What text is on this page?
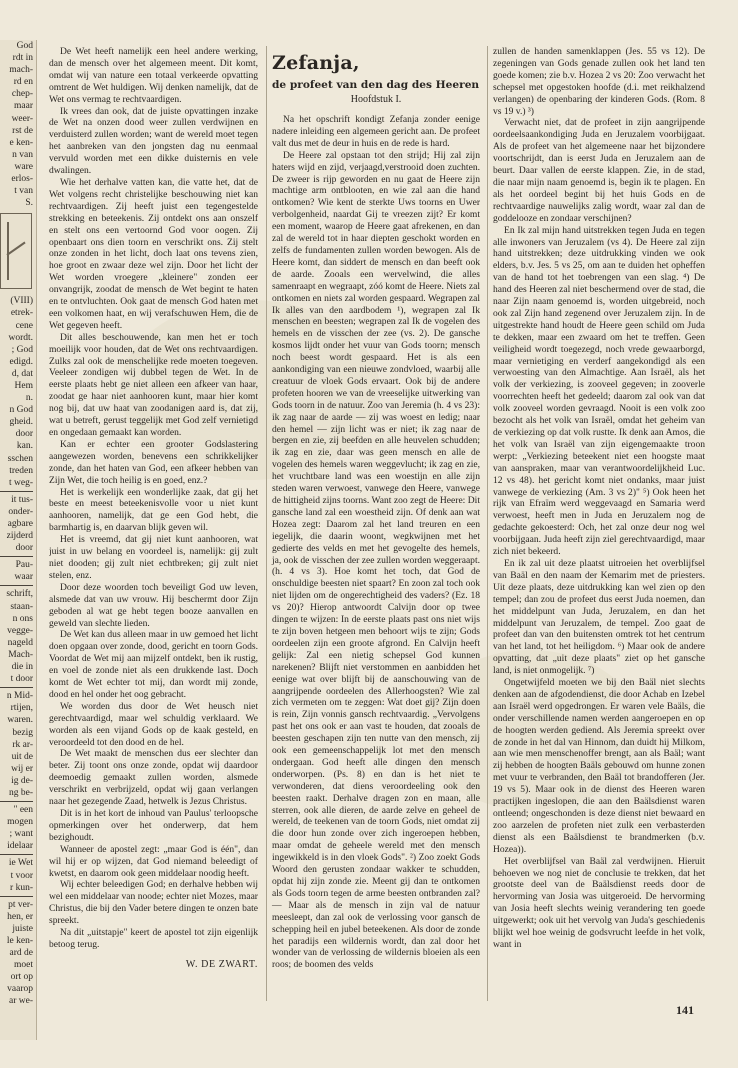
God
rdt in
mach-
rd en
chep-
maar
weer-
rst de
e ken-
n van
ware
erlos-
t van
S.
(VIII)
etrek-
cene
wordt.
; God
edigd.
d, dat
Hem
n.
n God
gheid.
door
kan.
sschen
treden
t weg-
it tus-
onder-
agbare
zijderd
door
Pau-
waar
schrift,
staan-
n ons
vegge-
nageld
Mach-
die in
t door
n Mid-
rtijen,
waren.
bezig
rk ar-
uit de
wij er
ig de-
ng be-
" een
mogen
; want
idelaar
ie Wet
t voor
r kun-
pt ver-
hen, er
juiste
le ken-
ard de
moet
ort op
vaarop
ar we-

De Wet heeft namelijk een heel andere werking, dan de mensch over het algemeen meent. Dit komt, omdat wij van nature een totaal verkeerde opvatting omtrent de Wet huldigen. Wij denken namelijk, dat de Wet ons vermag te rechtvaardigen.

Ik vrees dan ook, dat de juiste opvattingen inzake de Wet na onzen dood weer zullen verdwijnen en verduisterd zullen worden; want de wereld moet tegen het aanbreken van den jongsten dag nu eenmaal vervuld worden met een dikke duisternis en vele dwalingen.

Wie het derhalve vatten kan, die vatte het, dat de Wet volgens recht christelijke beschouwing niet kan rechtvaardigen. Zij heeft juist een tegengestelde strekking en beteekenis. Zij ontdekt ons aan onszelf en stelt ons een vertoornd God voor oogen. Zij openbaart ons dien toorn en verschrikt ons. Zij stelt onze zonden in het licht, doch laat ons tevens zien, hoe groot en zwaar deze wel zijn. Door het licht der Wet worden vroegere „kleinere" zonden eer onvangrijk, zoodat de mensch de Wet begint te haten en te ontvluchten. Ook gaat de mensch God haten met een volkomen haat, en wij verafschuwen Hem, die de Wet gegeven heeft.

Dit alles beschouwende, kan men het er toch moeilijk voor houden, dat de Wet ons rechtvaardigen. Zulks zal ook de menschelijke rede moeten toegeven. Veeleer zondigen wij dubbel tegen de Wet. In de eerste plaats hebt ge niet alleen een afkeer van haar, zoodat ge haar niet aanhooren kunt, maar hier komt nog bij, dat uw haat van zoodanigen aard is, dat zij, wat u betreft, gerust teggelijk met God zelf vernietigd en ongedaan gemaakt kan worden.

Kan er echter een grooter Godslastering aangewezen worden, benevens een schrikkelijker zonde, dan het haten van God, een afkeer hebben van Zijn Wet, die toch heilig is en goed, enz.?

Het is werkelijk een wonderlijke zaak, dat gij het beste en meest beteekenisvolle voor u niet kunt aanhooren, namelijk, dat ge een God hebt, die barmhartig is, en daarvan blijk geven wil.

Het is vreemd, dat gij niet kunt aanhooren, wat juist in uw belang en voordeel is, namelijk: gij zult niet dooden; gij zult niet echtbreken; gij zult niet stelen, enz.

Door deze woorden toch beveiligt God uw leven, alsmede dat van uw vrouw. Hij beschermt door Zijn geboden al wat ge hebt tegen booze aanvallen en geweld van slechte lieden.

De Wet kan dus alleen maar in uw gemoed het licht doen opgaan over zonde, dood, gericht en toorn Gods. Voordat de Wet mij aan mijzelf ontdekt, ben ik rustig, en voel de zonde niet als een drukkende last. Doch komt de Wet echter tot mij, dan wordt mij zonde, dood en hel onder het oog gebracht.

We worden dus door de Wet heusch niet gerechtvaardigd, maar wel schuldig verklaard. We worden als een vijand Gods op de kaak gesteld, en veroordeeld tot den dood en de hel.

De Wet maakt de menschen dus eer slechter dan beter. Zij toont ons onze zonde, opdat wij daardoor deemoedig gemaakt zullen worden, alsmede verschrikt en verbrijzeld, opdat wij gaan verlangen naar het gezegende Zaad, hetwelk is Jezus Christus.

Dit is in het kort de inhoud van Paulus' terloopsche opmerkingen over het onderwerp, dat hem bezighoudt.

Wanneer de apostel zegt: „maar God is één", dan wil hij er op wijzen, dat God niemand beleedigt of kwetst, en daarom ook geen middelaar noodig heeft.

Wij echter beleedigen God; en derhalve hebben wij wel een middelaar van noode; echter niet Mozes, maar Christus, die bij den Vader betere dingen te onzen bate spreekt.

Na dit „uitstapje" keert de apostel tot zijn eigenlijk betoog terug.

W. DE ZWART.
Zefanja,
de profeet van den dag des Heeren
Hoofdstuk I.

Na het opschrift kondigt Zefanja zonder eenige nadere inleiding een algemeen gericht aan. De profeet valt dus met de deur in huis en de rede is hard.

De Heere zal opstaan tot den strijd; Hij zal zijn haters wijd en zijd, verjaagd,verstrooid doen zuchten. De zweer is rijp geworden en nu gaat de Heere zijn machtige arm ontblooten, en wie zal aan die hand ontkomen? Wie kent de sterkte Uws toorns en Uwer verbolgenheid, naardat Gij te vreezen zijt? Er komt een moment, waarop de Heere gaat afrekenen, en dan zal de wereld tot in haar diepten geschokt worden en zelfs de fundamenten zullen worden bewogen. Als de Heere komt, dan siddert de mensch en dan beeft ook de aarde. Zooals een wervelwind, die alles samenraapt en wegraapt, zóó komt de Heere. Niets zal ontkomen en niets zal worden gespaard. Wegrapen zal Ik alles van den aardbodem ¹), wegrapen zal Ik menschen en beesten; wegrapen zal Ik de vogelen des hemels en de visschen der zee (vs. 2). De gansche kosmos lijdt onder het vuur van Gods toorn; mensch noch beest wordt gespaard. Het is als een aankondiging van een nieuwe zondvloed, waarbij alle creatuur de vloek Gods ervaart. Ook bij de andere profeten hooren we van de vreeselijke uitwerking van Gods toorn in de natuur. Zoo van Jeremia (h. 4 vs 23): ik zag naar de aarde — zij was woest en ledig; naar den hemel — zijn licht was er niet; ik zag naar de bergen en zie, zij beefden en alle heuvelen schudden; ik zag en zie, daar was geen mensch en alle de vogelen des hemels waren weggevlucht; ik zag en zie, het vruchtbare land was een woestijn en alle zijn steden waren verwoest, vanwege den Heere, vanwege de hittigheid zijns toorns. Want zoo zegt de Heere: Dit gansche land zal een woestheid zijn. Of denk aan wat Hozea zegt: Daarom zal het land treuren en een iegelijk, die daarin woont, wegkwijnen met het gedierte des velds en met het gevogelte des hemels, ja, ook de visschen der zee zullen worden weggeraapt. (h. 4 vs 3). Hoe komt het toch, dat God de onschuldige beesten niet spaart? En zoon zal toch ook niet lijden om de ongerechtigheid des vaders? (Ez. 18 vs 20)? Hierop antwoordt Calvijn door op twee dingen te wijzen: In de eerste plaats past ons niet wijs te zijn boven hetgeen men behoort wijs te zijn; Gods oordeelen zijn een groote afgrond. En Calvijn heeft gelijk: Zal een nietig schepsel God kunnen narekenen? Blijft niet verstommen en aanbidden het eenige wat over blijft bij de aanschouwing van de aangrijpende oordeelen des Allerhoogsten? Wie zal zich vermeten om te zeggen: Wat doet gij? Zijn doen is rein, Zijn vonnis gansch rechtvaardig. „Vervolgens past het ons ook er aan vast te houden, dat zooals de beesten geschapen zijn ten nutte van den mensch, zij ook een gemeenschappelijk lot met den mensch ondergaan. God heeft alle dingen den mensch onderworpen. (Ps. 8) en dan is het niet te verwonderen, dat diens veroordeeling ook den beesten raakt. Derhalve dragen zon en maan, alle sterren, ook alle dieren, de aarde zelve en geheel de wereld, de teekenen van de toorn Gods, niet omdat zij die door hun zonde over zich ingeroepen hebben, maar omdat de geheele wereld met den mensch ingewikkeld is in den vloek Gods". ²) Zoo zoekt Gods Woord den gerusten zondaar wakker te schudden, opdat hij zijn zonde zie. Meent gij dan te ontkomen als Gods toorn tegen de arme beesten ontbranden zal? — Maar als de mensch in zijn val de natuur meesleept, dan zal ook de verlossing voor gansch de schepping heil en jubel beteekenen. Als door de zonde het paradijs een wildernis wordt, dan zal door het wonder van de verlossing de wildernis bloeien als een roos; de boomen des velds

zullen de handen samenklappen (Jes. 55 vs 12). De zegeningen van Gods genade zullen ook het land ten goede komen; zie b.v. Hozea 2 vs 20: Zoo verwacht het schepsel met opgestoken hoofde (d.i. met reikhalzend verlangen) de openbaring der kinderen Gods. (Rom. 8 vs 19 v.) ³)

Verwacht niet, dat de profeet in zijn aangrijpende oordeelsaankondiging Juda en Jeruzalem voorbijgaat. Als de profeet van het algemeene naar het bijzondere voortschrijdt, dan is eerst Juda en Jeruzalem aan de beurt. Daar vallen de eerste klappen. Zie, in de stad, die naar mijn naam genoemd is, begin ik te plagen. En als het oordeel begint bij het huis Gods en de rechtvaardige nauwelijks zalig wordt, waar zal dan de goddelooze en zondaar verschijnen?

En Ik zal mijn hand uitstrekken tegen Juda en tegen alle inwoners van Jeruzalem (vs 4). De Heere zal zijn hand uitstrekken; deze uitdrukking vinden we ook elders, b.v. Jes. 5 vs 25, om aan te duiden het opheffen van de hand tot het toebrengen van een slag. ⁴) De hand des Heeren zal niet beschermend over de stad, die naar Zijn naam genoemd is, worden uitgebreid, noch ook zal Zijn hand zegenend over Jeruzalem zijn. In de uitgestrekte hand houdt de Heere geen schild om Juda te dekken, maar een zwaard om het te treffen. Geen veiligheid wordt toegezegd, noch vrede gewaarborgd, maar vernietiging en verderf aangekondigd als een verwoesting van den Almachtige. Aan Israël, als het volk der verkiezing, is zooveel gegeven; in zooverle voorrechten heeft het gedeeld; daarom zal ook van dat volk zooveel worden gevraagd. Nooit is een volk zoo bezocht als het volk van Israël, omdat het geheim van de verkiezing op dat volk rustte. Ik denk aan Amos, die het volk van Israël van zijn eigengemaakte troon werpt: „Verkiezing beteekent niet een hoogste maat van aanspraken, maar van verantwoordelijkheid Luc. 12 vs 48). het gericht komt niet ondanks, maar juist vanwege de verkiezing (Am. 3 vs 2)" ⁵) Ook heen het rijk van Efraïm werd weggevaagd en Samaria werd verwoest, heeft men in Juda en Jeruzalem nog de gedachte gekoesterd: Och, het zal onze deur nog wel voorbijgaan. Juda heeft zijn ziel gerechtvaardigd, maar zich niet bekeerd.

En ik zal uit deze plaatst uitroeien het overblijfsel van Baäl en den naam der Kemarim met de priesters. Uit deze plaats, deze uitdrukking kan wel zien op den tempel; dan zou de profeet dus eerst Juda noemen, dan het middelpunt van Juda, Jeruzalem, en dan het middelpunt van Jeruzalem, de tempel. Zoo gaat de profeet dan van den buitensten omtrek tot het centrum van het land, tot het heiligdom. ⁶) Maar ook de andere opvatting, dat „uit deze plaats" ziet op het gansche land, is niet onmogelijk. ⁷)

Ongetwijfeld moeten we bij den Baäl niet slechts denken aan de afgodendienst, die door Achab en Izebel aan Israël werd opgedrongen. Er waren vele Baäls, die onder verschillende namen werden aangeroepen en op de hoogten werden gediend. Als Jeremia spreekt over de zonde in het dal van Hinnom, dan duidt hij Milkom, aan wie men menschenoffer brengt, aan als Baäl; want zij hebben de hoogten Baäls gebouwd om hunne zonen met vuur te verbranden, den Baäl tot brandofferen (Jer. 19 vs 5). Maar ook in de dienst des Heeren waren practijken ingeslopen, die aan den Baälsdienst waren ontleend; ongeschonden is deze dienst niet bewaard en zoo aarzelen de profeten niet zulk een verbasterden dienst als een Baälsdienst te brandmerken (b.v. Hozea)).

Het overblijfsel van Baäl zal verdwijnen. Hieruit behoeven we nog niet de conclusie te trekken, dat het grootste deel van de Baälsdienst reeds door de hervorming van Josia was uitgeroeid. De hervorming van Josia heeft slechts weinig verandering ten goede uitgewerkt; ook uit het vervolg van Juda's geschiedenis blijkt wel hoe weinig de godsvrucht leefde in het volk, want in

141
